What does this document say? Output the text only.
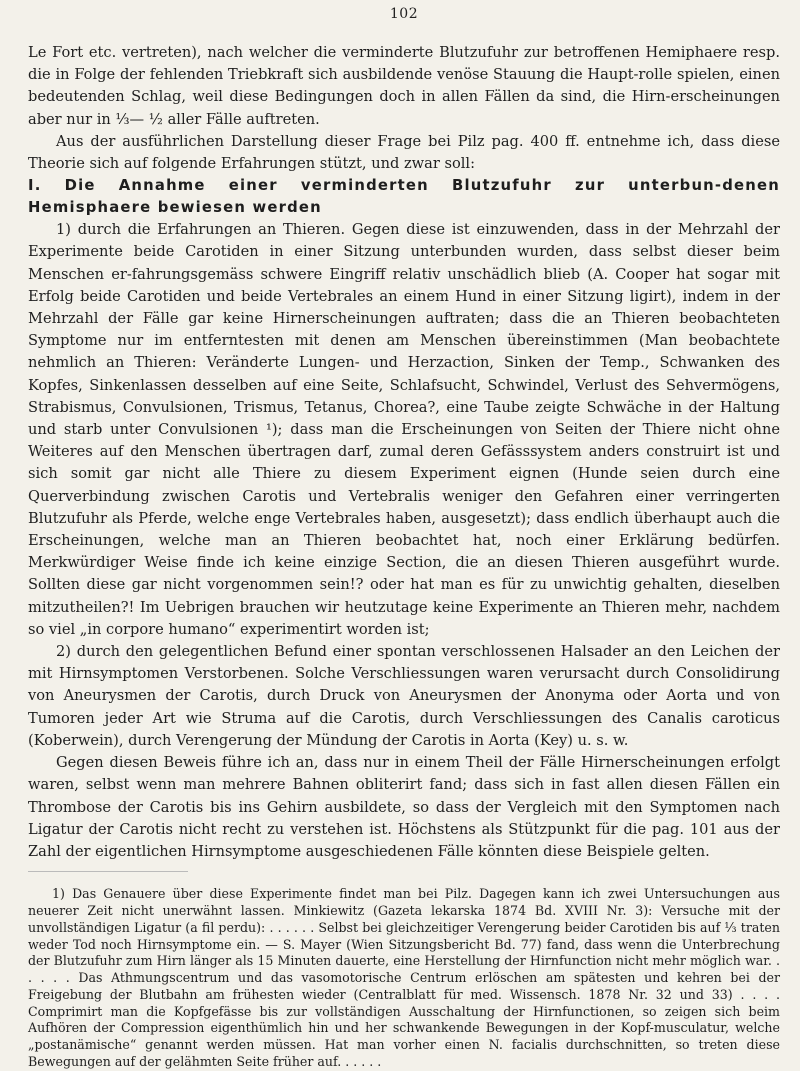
102

Le Fort etc. vertreten), nach welcher die verminderte Blutzufuhr zur betroffenen Hemiphaere resp. die in Folge der fehlenden Triebkraft sich ausbildende venöse Stauung die Haupt-rolle spielen, einen bedeutenden Schlag, weil diese Bedingungen doch in allen Fällen da sind, die Hirn-erscheinungen aber nur in ⅓— ½ aller Fälle auftreten.

Aus der ausführlichen Darstellung dieser Frage bei Pilz pag. 400 ff. entnehme ich, dass diese Theorie sich auf folgende Erfahrungen stützt, und zwar soll:

I. Die Annahme einer verminderten Blutzufuhr zur unterbun-denen Hemisphaere bewiesen werden

1) durch die Erfahrungen an Thieren. Gegen diese ist einzuwenden, dass in der Mehrzahl der Experimente beide Carotiden in einer Sitzung unterbunden wurden, dass selbst dieser beim Menschen er-fahrungsgemäss schwere Eingriff relativ unschädlich blieb (A. Cooper hat sogar mit Erfolg beide Carotiden und beide Vertebrales an einem Hund in einer Sitzung ligirt), indem in der Mehrzahl der Fälle gar keine Hirnerscheinungen auftraten; dass die an Thieren beobachteten Symptome nur im entferntesten mit denen am Menschen übereinstimmen (Man beobachtete nehmlich an Thieren: Veränderte Lungen- und Herzaction, Sinken der Temp., Schwanken des Kopfes, Sinkenlassen desselben auf eine Seite, Schlafsucht, Schwindel, Verlust des Sehvermögens, Strabismus, Convulsionen, Trismus, Tetanus, Chorea?, eine Taube zeigte Schwäche in der Haltung und starb unter Convulsionen ¹); dass man die Erscheinungen von Seiten der Thiere nicht ohne Weiteres auf den Menschen übertragen darf, zumal deren Gefässsystem anders construirt ist und sich somit gar nicht alle Thiere zu diesem Experiment eignen (Hunde seien durch eine Querverbindung zwischen Carotis und Vertebralis weniger den Gefahren einer verringerten Blutzufuhr als Pferde, welche enge Vertebrales haben, ausgesetzt); dass endlich überhaupt auch die Erscheinungen, welche man an Thieren beobachtet hat, noch einer Erklärung bedürfen. Merkwürdiger Weise finde ich keine einzige Section, die an diesen Thieren ausgeführt wurde. Sollten diese gar nicht vorgenommen sein!? oder hat man es für zu unwichtig gehalten, dieselben mitzutheilen?! Im Uebrigen brauchen wir heutzutage keine Experimente an Thieren mehr, nachdem so viel „in corpore humano“ experimentirt worden ist;

2) durch den gelegentlichen Befund einer spontan verschlossenen Halsader an den Leichen der mit Hirnsymptomen Verstorbenen. Solche Verschliessungen waren verursacht durch Consolidirung von Aneurysmen der Carotis, durch Druck von Aneurysmen der Anonyma oder Aorta und von Tumoren jeder Art wie Struma auf die Carotis, durch Verschliessungen des Canalis caroticus (Koberwein), durch Verengerung der Mündung der Carotis in Aorta (Key) u. s. w.

Gegen diesen Beweis führe ich an, dass nur in einem Theil der Fälle Hirnerscheinungen erfolgt waren, selbst wenn man mehrere Bahnen obliterirt fand; dass sich in fast allen diesen Fällen ein Thrombose der Carotis bis ins Gehirn ausbildete, so dass der Vergleich mit den Symptomen nach Ligatur der Carotis nicht recht zu verstehen ist. Höchstens als Stützpunkt für die pag. 101 aus der Zahl der eigentlichen Hirnsymptome ausgeschiedenen Fälle könnten diese Beispiele gelten.

1) Das Genauere über diese Experimente findet man bei Pilz. Dagegen kann ich zwei Untersuchungen aus neuerer Zeit nicht unerwähnt lassen. Minkiewitz (Gazeta lekarska 1874 Bd. XVIII Nr. 3): Versuche mit der unvollständigen Ligatur (a fil perdu): . . . . . . Selbst bei gleichzeitiger Verengerung beider Carotiden bis auf ⅓ traten weder Tod noch Hirnsymptome ein. — S. Mayer (Wien Sitzungsbericht Bd. 77) fand, dass wenn die Unterbrechung der Blutzufuhr zum Hirn länger als 15 Minuten dauerte, eine Herstellung der Hirnfunction nicht mehr möglich war. . . . . . Das Athmungscentrum und das vasomotorische Centrum erlöschen am spätesten und kehren bei der Freigebung der Blutbahn am frühesten wieder (Centralblatt für med. Wissensch. 1878 Nr. 32 und 33) . . . . Comprimirt man die Kopfgefässe bis zur vollständigen Ausschaltung der Hirnfunctionen, so zeigen sich beim Aufhören der Compression eigenthümlich hin und her schwankende Bewegungen in der Kopf-musculatur, welche „postanämische“ genannt werden müssen. Hat man vorher einen N. facialis durchschnitten, so treten diese Bewegungen auf der gelähmten Seite früher auf. . . . . .
